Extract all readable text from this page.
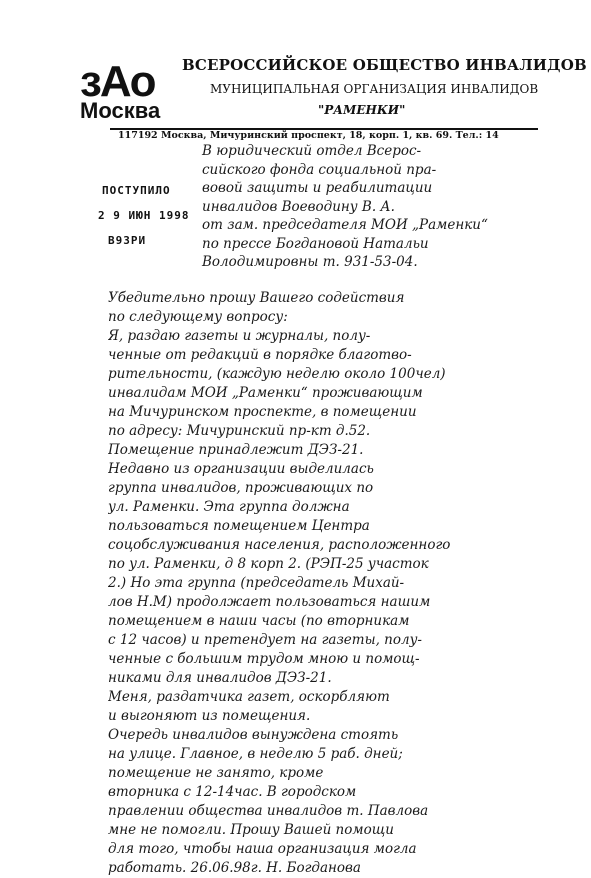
зАо
Москва
ВСЕРОССИЙСКОЕ ОБЩЕСТВО ИНВАЛИДОВ
МУНИЦИПАЛЬНАЯ ОРГАНИЗАЦИЯ ИНВАЛИДОВ
"РАМЕНКИ"
117192 Москва, Мичуринский проспект, 18, корп. 1, кв. 69. Тел.: 14
ПОСТУПИЛО
2 9 ИЮН 1998
В93РИ
В юридический отдел Всерос-
сийского фонда социальной пра-
вовой защиты и реабилитации
инвалидов Воеводину В. А.
от зам. председателя МОИ „Раменки“
по прессе Богдановой Натальи
Володимировны т. 931-53-04.
Убедительно прошу Вашего содействия
по следующему вопросу:
Я, раздаю газеты и журналы, полу-
ченные от редакций в порядке благотво-
рительности, (каждую неделю около 100чел)
инвалидам МОИ „Раменки“ проживающим
на Мичуринском проспекте, в помещении
по адресу: Мичуринский пр-кт д.52.
Помещение принадлежит ДЭЗ-21.
Недавно из организации выделилась
группа инвалидов, проживающих по
ул. Раменки. Эта группа должна
пользоваться помещением Центра
соцобслуживания населения, расположенного
по ул. Раменки, д 8 корп 2. (РЭП-25 участок
2.) Но эта группа (председатель Михай-
лов Н.М) продолжает пользоваться нашим
помещением в наши часы (по вторникам
с 12 часов) и претендует на газеты, полу-
ченные с большим трудом мною и помощ-
никами для инвалидов ДЭЗ-21.
Меня, раздатчика газет, оскорбляют
и выгоняют из помещения.
Очередь инвалидов вынуждена стоять
на улице. Главное, в неделю 5 раб. дней;
помещение не занято, кроме
вторника с 12-14час. В городском
правлении общества инвалидов т. Павлова
мне не помогли. Прошу Вашей помощи
для того, чтобы наша организация могла
работать. 26.06.98г. Н. Богданова
